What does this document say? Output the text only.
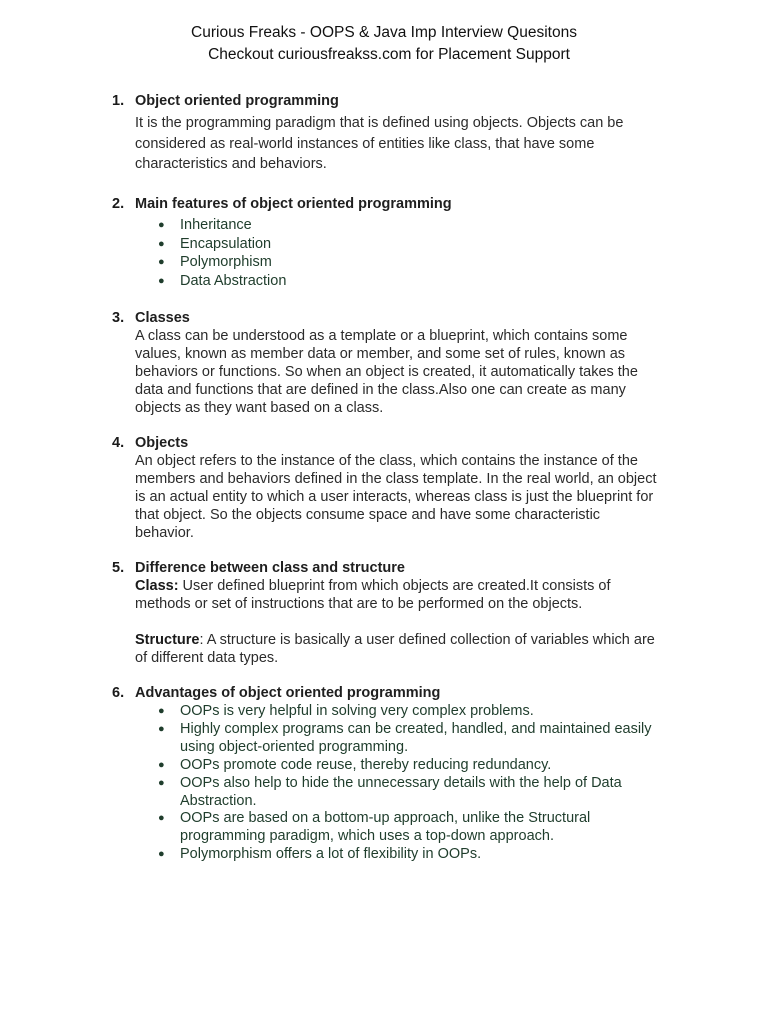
Curious Freaks - OOPS & Java Imp Interview Quesitons
Checkout curiousfreakss.com for Placement Support
1. Object oriented programming

It is the programming paradigm that is defined using objects. Objects can be

considered as real-world instances of entities like class, that have some

characteristics and behaviors.

2. Main features of object oriented programming
● Inheritance
● Encapsulation
● Polymorphism
● Data Abstraction
3. Classes

A class can be understood as a template or a blueprint, which contains some

values, known as member data or member, and some set of rules, known as

behaviors or functions. So when an object is created, it automatically takes the

data and functions that are defined in the class.Also one can create as many

objects as they want based on a class.

4. Objects

An object refers to the instance of the class, which contains the instance of the

members and behaviors defined in the class template. In the real world, an object

is an actual entity to which a user interacts, whereas class is just the blueprint for

that object. So the objects consume space and have some characteristic

behavior.

5. Difference between class and structure

Class: User defined blueprint from which objects are created.It consists of

methods or set of instructions that are to be performed on the objects.

Structure: A structure is basically a user defined collection of variables which are

of different data types.

6. Advantages of object oriented programming
● OOPs is very helpful in solving very complex problems.
● Highly complex programs can be created, handled, and maintained easily
using object-oriented programming.
● OOPs promote code reuse, thereby reducing redundancy.
● OOPs also help to hide the unnecessary details with the help of Data
Abstraction.
● OOPs are based on a bottom-up approach, unlike the Structural
programming paradigm, which uses a top-down approach.
● Polymorphism offers a lot of flexibility in OOPs.
